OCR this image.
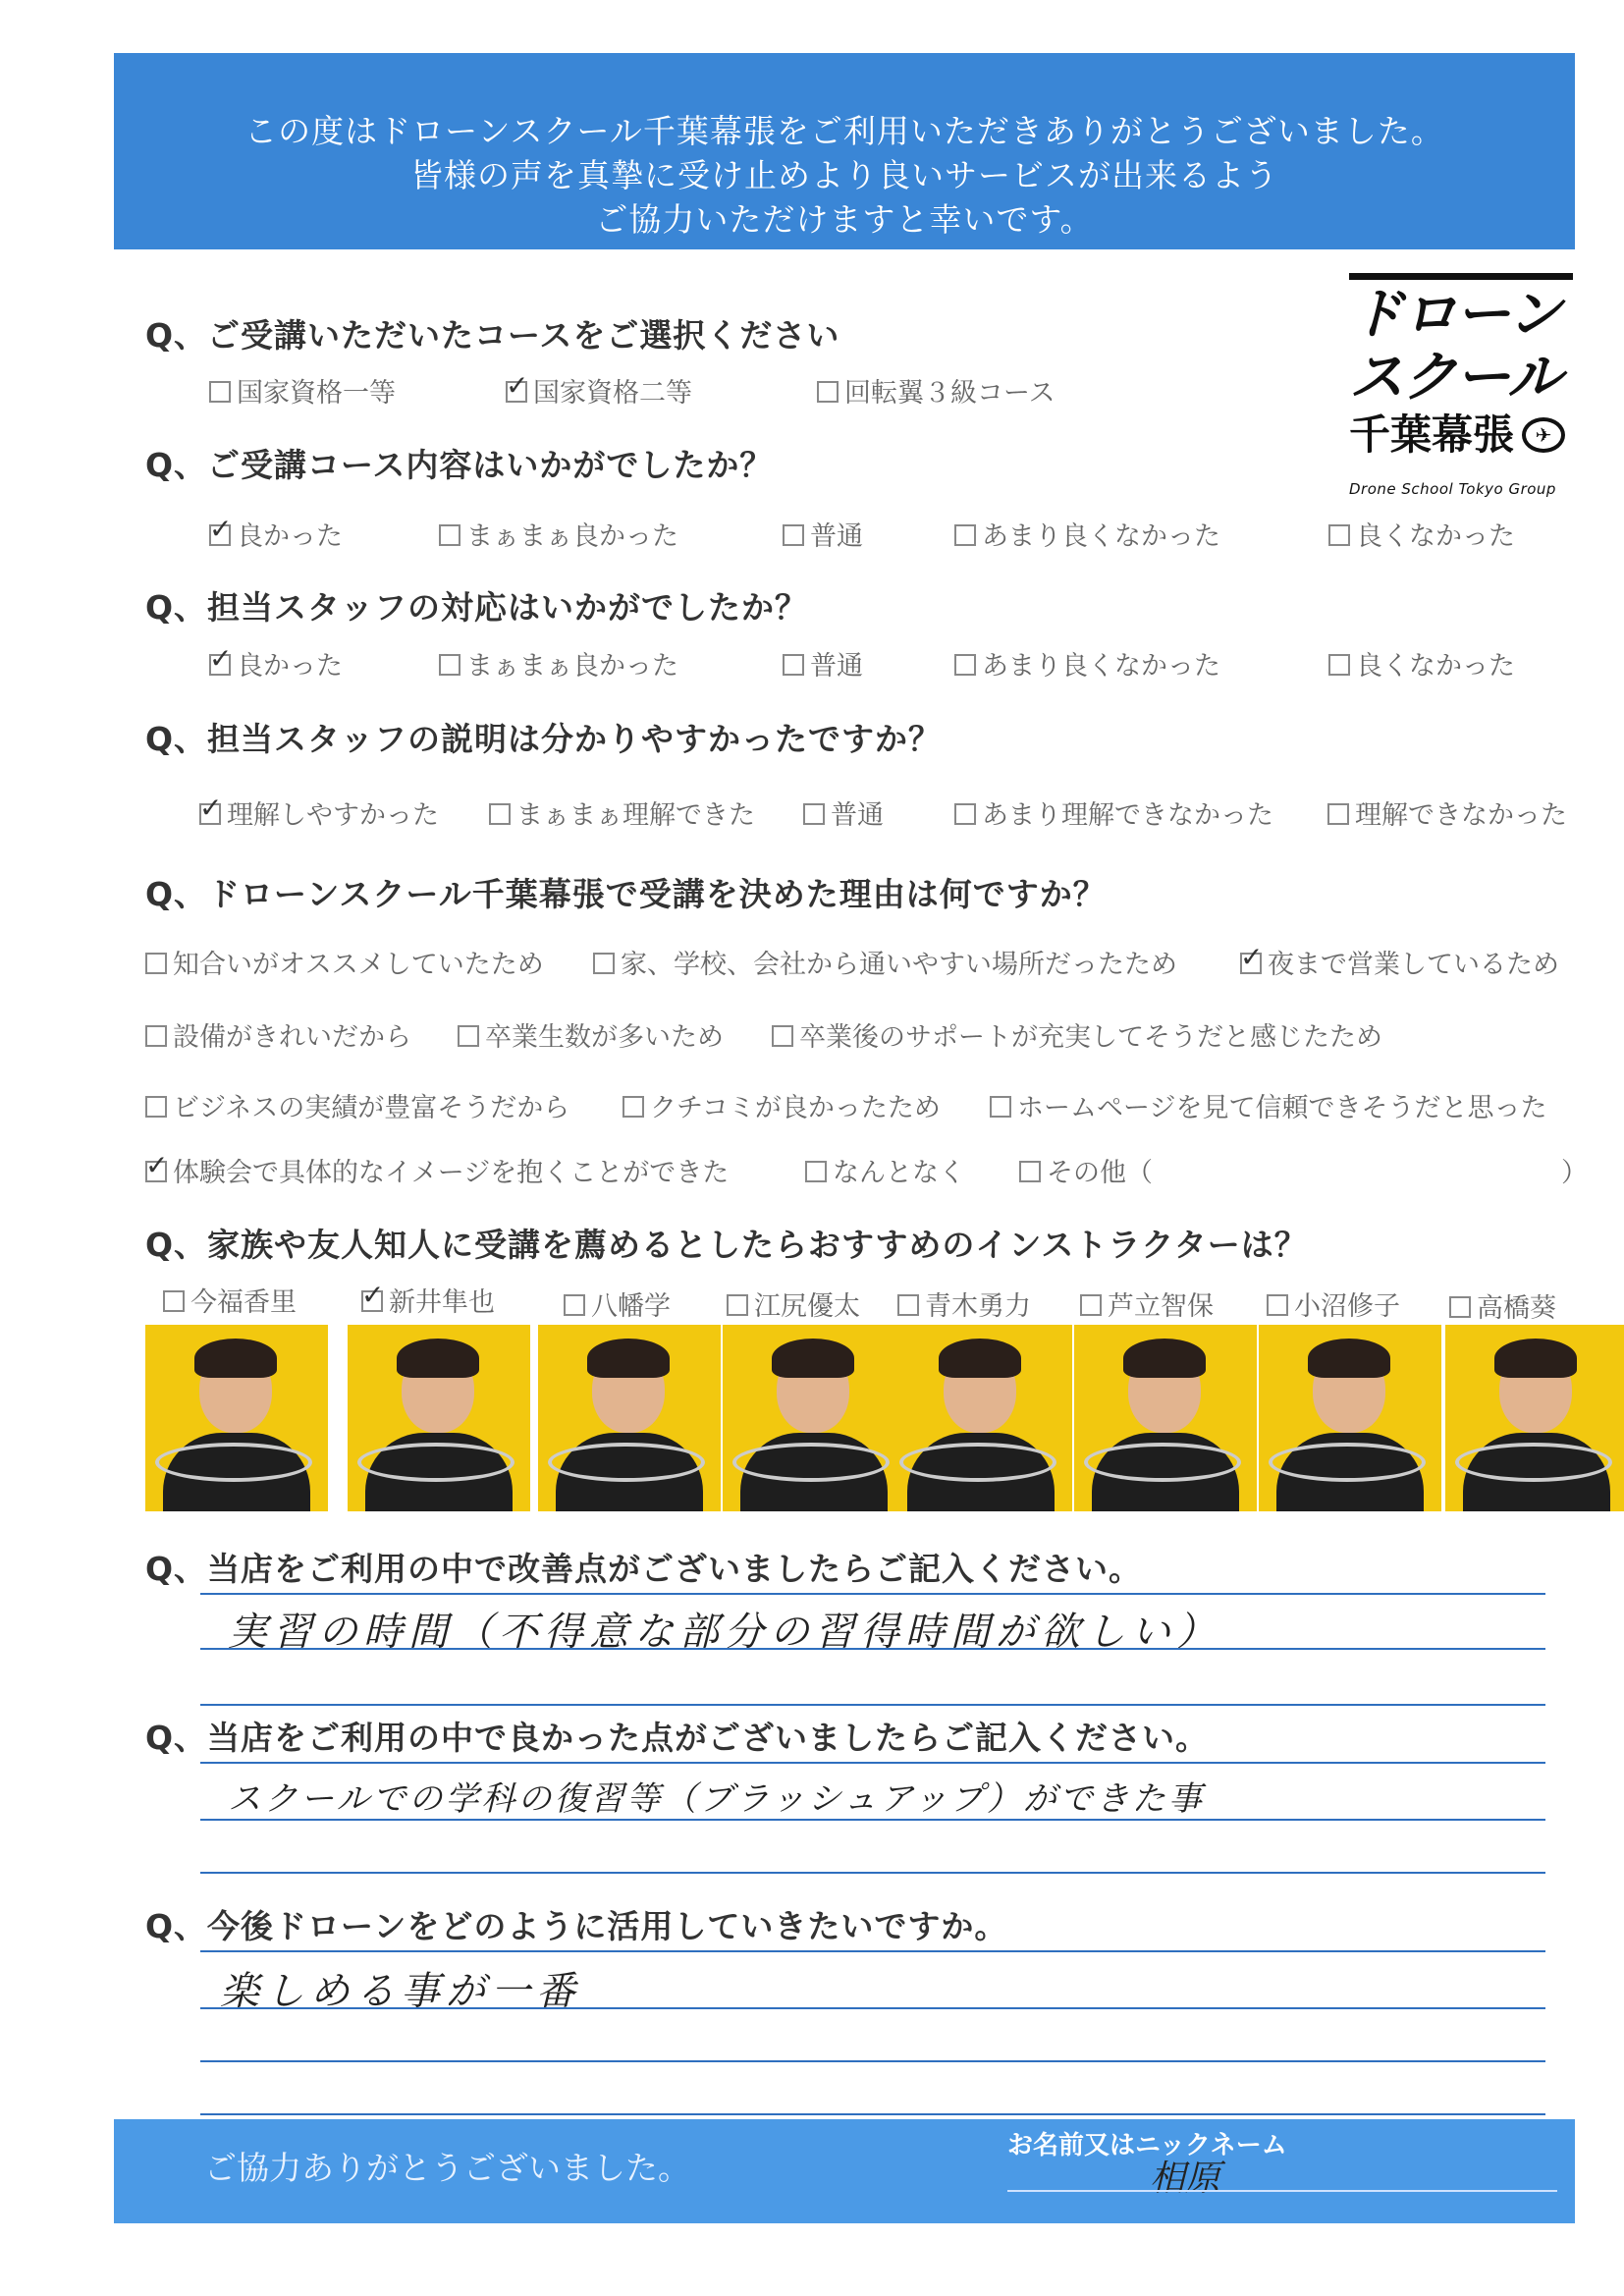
この度はドローンスクール千葉幕張をご利用いただきありがとうございました。
皆様の声を真摯に受け止めより良いサービスが出来るよう
ご協力いただけますと幸いです。
ドローン
スクール
千葉幕張	✈
Drone School Tokyo Group
Q、ご受講いただいたコースをご選択ください
国家資格一等 ✓	国家資格二等	回転翼３級コース
Q、ご受講コース内容はいかがでしたか？
✓良かった	まぁまぁ良かった	普通	あまり良くなかった	良くなかった
Q、担当スタッフの対応はいかがでしたか？
✓良かった	まぁまぁ良かった	普通	あまり良くなかった	良くなかった
Q、担当スタッフの説明は分かりやすかったですか？
✓理解しやすかった	まぁまぁ理解できた	普通	あまり理解できなかった	理解できなかった
Q、ドローンスクール千葉幕張で受講を決めた理由は何ですか？
知合いがオススメしていたため	家、学校、会社から通いやすい場所だったため ✓	夜まで営業しているため
設備がきれいだから	卒業生数が多いため	卒業後のサポートが充実してそうだと感じたため
ビジネスの実績が豊富そうだから	クチコミが良かったため	ホームページを見て信頼できそうだと思った
✓体験会で具体的なイメージを抱くことができた	なんとなく	その他（	）
Q、家族や友人知人に受講を薦めるとしたらおすすめのインストラクターは？
今福香里 ✓	新井隼也	八幡学	江尻優太	青木勇力	芦立智保	小沼修子	高橋葵
Q、当店をご利用の中で改善点がございましたらご記入ください。
実習の時間（不得意な部分の習得時間が欲しい）
Q、当店をご利用の中で良かった点がございましたらご記入ください。
スクールでの学科の復習等（ブラッシュアップ）ができた事
Q、今後ドローンをどのように活用していきたいですか。
楽しめる事が一番
ご協力ありがとうございました。
お名前又はニックネーム
相原
